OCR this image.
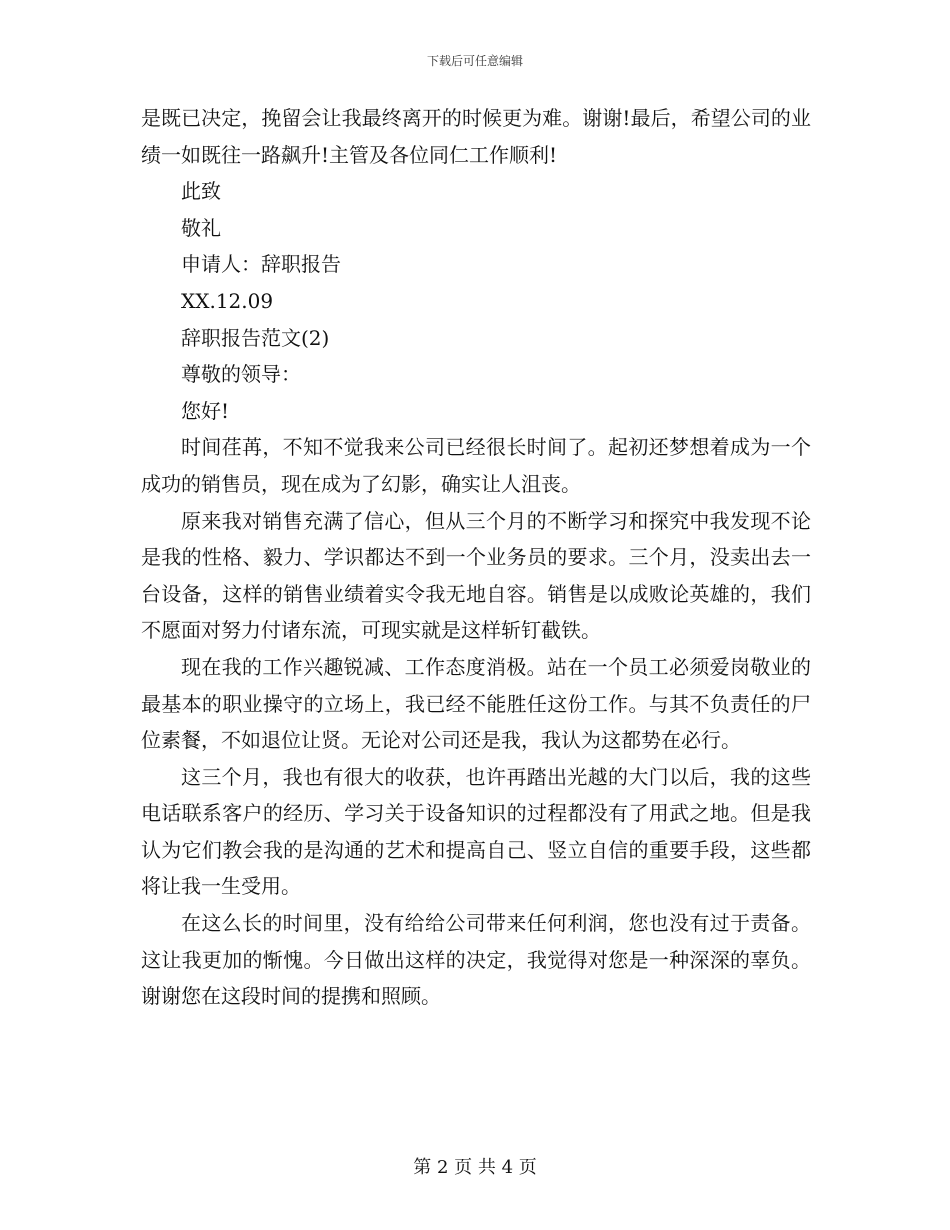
下载后可任意编辑

是既已决定，挽留会让我最终离开的时候更为难。谢谢!最后，希望公司的业绩一如既往一路飙升!主管及各位同仁工作顺利!

此致

敬礼

申请人：辞职报告

XX.12.09

辞职报告范文(2)

尊敬的领导：

您好!

时间荏苒，不知不觉我来公司已经很长时间了。起初还梦想着成为一个成功的销售员，现在成为了幻影，确实让人沮丧。

原来我对销售充满了信心，但从三个月的不断学习和探究中我发现不论是我的性格、毅力、学识都达不到一个业务员的要求。三个月，没卖出去一台设备，这样的销售业绩着实令我无地自容。销售是以成败论英雄的，我们不愿面对努力付诸东流，可现实就是这样斩钉截铁。

现在我的工作兴趣锐减、工作态度消极。站在一个员工必须爱岗敬业的最基本的职业操守的立场上，我已经不能胜任这份工作。与其不负责任的尸位素餐，不如退位让贤。无论对公司还是我，我认为这都势在必行。

这三个月，我也有很大的收获，也许再踏出光越的大门以后，我的这些电话联系客户的经历、学习关于设备知识的过程都没有了用武之地。但是我认为它们教会我的是沟通的艺术和提高自己、竖立自信的重要手段，这些都将让我一生受用。

在这么长的时间里，没有给给公司带来任何利润，您也没有过于责备。这让我更加的惭愧。今日做出这样的决定，我觉得对您是一种深深的辜负。谢谢您在这段时间的提携和照顾。

第 2 页 共 4 页
